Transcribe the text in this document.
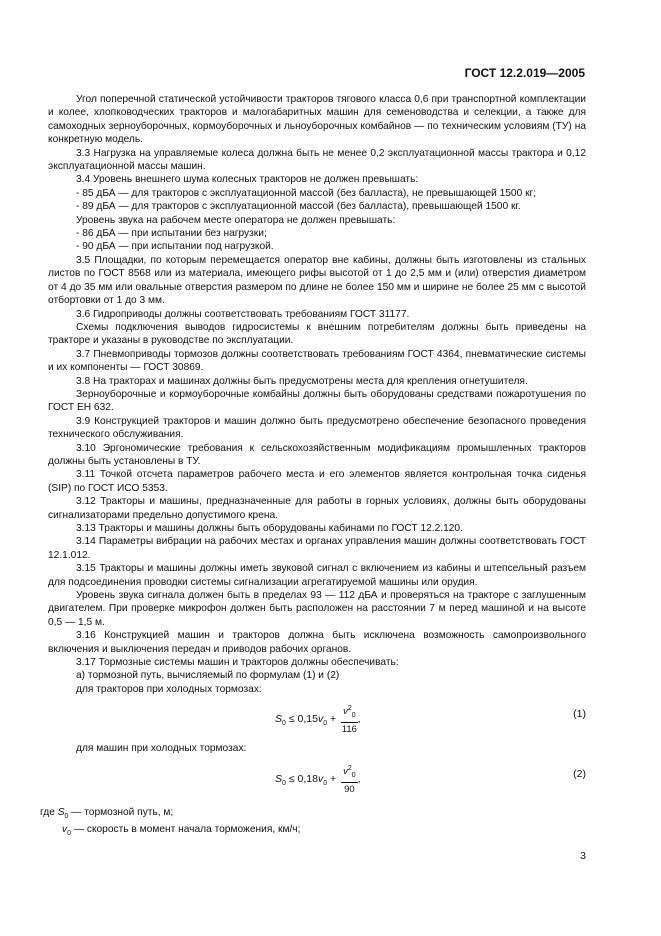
ГОСТ 12.2.019—2005

Угол поперечной статической устойчивости тракторов тягового класса 0,6 при транспортной комплектации и колее, хлопководческих тракторов и малогабаритных машин для семеноводства и селекции, а также для самоходных зерноуборочных, кормоуборочных и льноуборочных комбайнов — по техническим условиям (ТУ) на конкретную модель.

3.3 Нагрузка на управляемые колеса должна быть не менее 0,2 эксплуатационной массы трактора и 0,12 эксплуатационной массы машин.

3.4 Уровень внешнего шума колесных тракторов не должен превышать:

- 85 дБА — для тракторов с эксплуатационной массой (без балласта), не превышающей 1500 кг;

- 89 дБА — для тракторов с эксплуатационной массой (без балласта), превышающей 1500 кг.

Уровень звука на рабочем месте оператора не должен превышать:

- 86 дБА — при испытании без нагрузки;

- 90 дБА — при испытании под нагрузкой.

3.5 Площадки, по которым перемещается оператор вне кабины, должны быть изготовлены из стальных листов по ГОСТ 8568 или из материала, имеющего рифы высотой от 1 до 2,5 мм и (или) отверстия диаметром от 4 до 35 мм или овальные отверстия размером по длине не более 150 мм и ширине не более 25 мм с высотой отбортовки от 1 до 3 мм.

3.6 Гидроприводы должны соответствовать требованиям ГОСТ 31177.

Схемы подключения выводов гидросистемы к внешним потребителям должны быть приведены на тракторе и указаны в руководстве по эксплуатации.

3.7 Пневмоприводы тормозов должны соответствовать требованиям ГОСТ 4364, пневматические системы и их компоненты — ГОСТ 30869.

3.8 На тракторах и машинах должны быть предусмотрены места для крепления огнетушителя.

Зерноуборочные и кормоуборочные комбайны должны быть оборудованы средствами пожаротушения по ГОСТ ЕН 632.

3.9 Конструкцией тракторов и машин должно быть предусмотрено обеспечение безопасного проведения технического обслуживания.

3.10 Эргономические требования к сельскохозяйственным модификациям промышленных тракторов должны быть установлены в ТУ.

3.11 Точкой отсчета параметров рабочего места и его элементов является контрольная точка сиденья (SIP) по ГОСТ ИСО 5353.

3.12 Тракторы и машины, предназначенные для работы в горных условиях, должны быть оборудованы сигнализаторами предельно допустимого крена.

3.13 Тракторы и машины должны быть оборудованы кабинами по ГОСТ 12.2.120.

3.14 Параметры вибрации на рабочих местах и органах управления машин должны соответствовать ГОСТ 12.1.012.

3.15 Тракторы и машины должны иметь звуковой сигнал с включением из кабины и штепсельный разъем для подсоединения проводки системы сигнализации агрегатируемой машины или орудия.

Уровень звука сигнала должен быть в пределах 93 — 112 дБА и проверяться на тракторе с заглушенным двигателем. При проверке микрофон должен быть расположен на расстоянии 7 м перед машиной и на высоте 0,5 — 1,5 м.

3.16 Конструкцией машин и тракторов должна быть исключена возможность самопроизвольного включения и выключения передач и приводов рабочих органов.

3.17 Тормозные системы машин и тракторов должны обеспечивать:

а) тормозной путь, вычисляемый по формулам (1) и (2)

для тракторов при холодных тормозах:

$S_0 \le 0,15v_0 + \frac{v^2_0}{116}$ ,	(1)

для машин при холодных тормозах:

$S_0 \le 0,18v_0 + \frac{v^2_0}{90}$ ,	(2)

где $S_0$ — тормозной путь, м;

$v_0$ — скорость в момент начала торможения, км/ч;

3
